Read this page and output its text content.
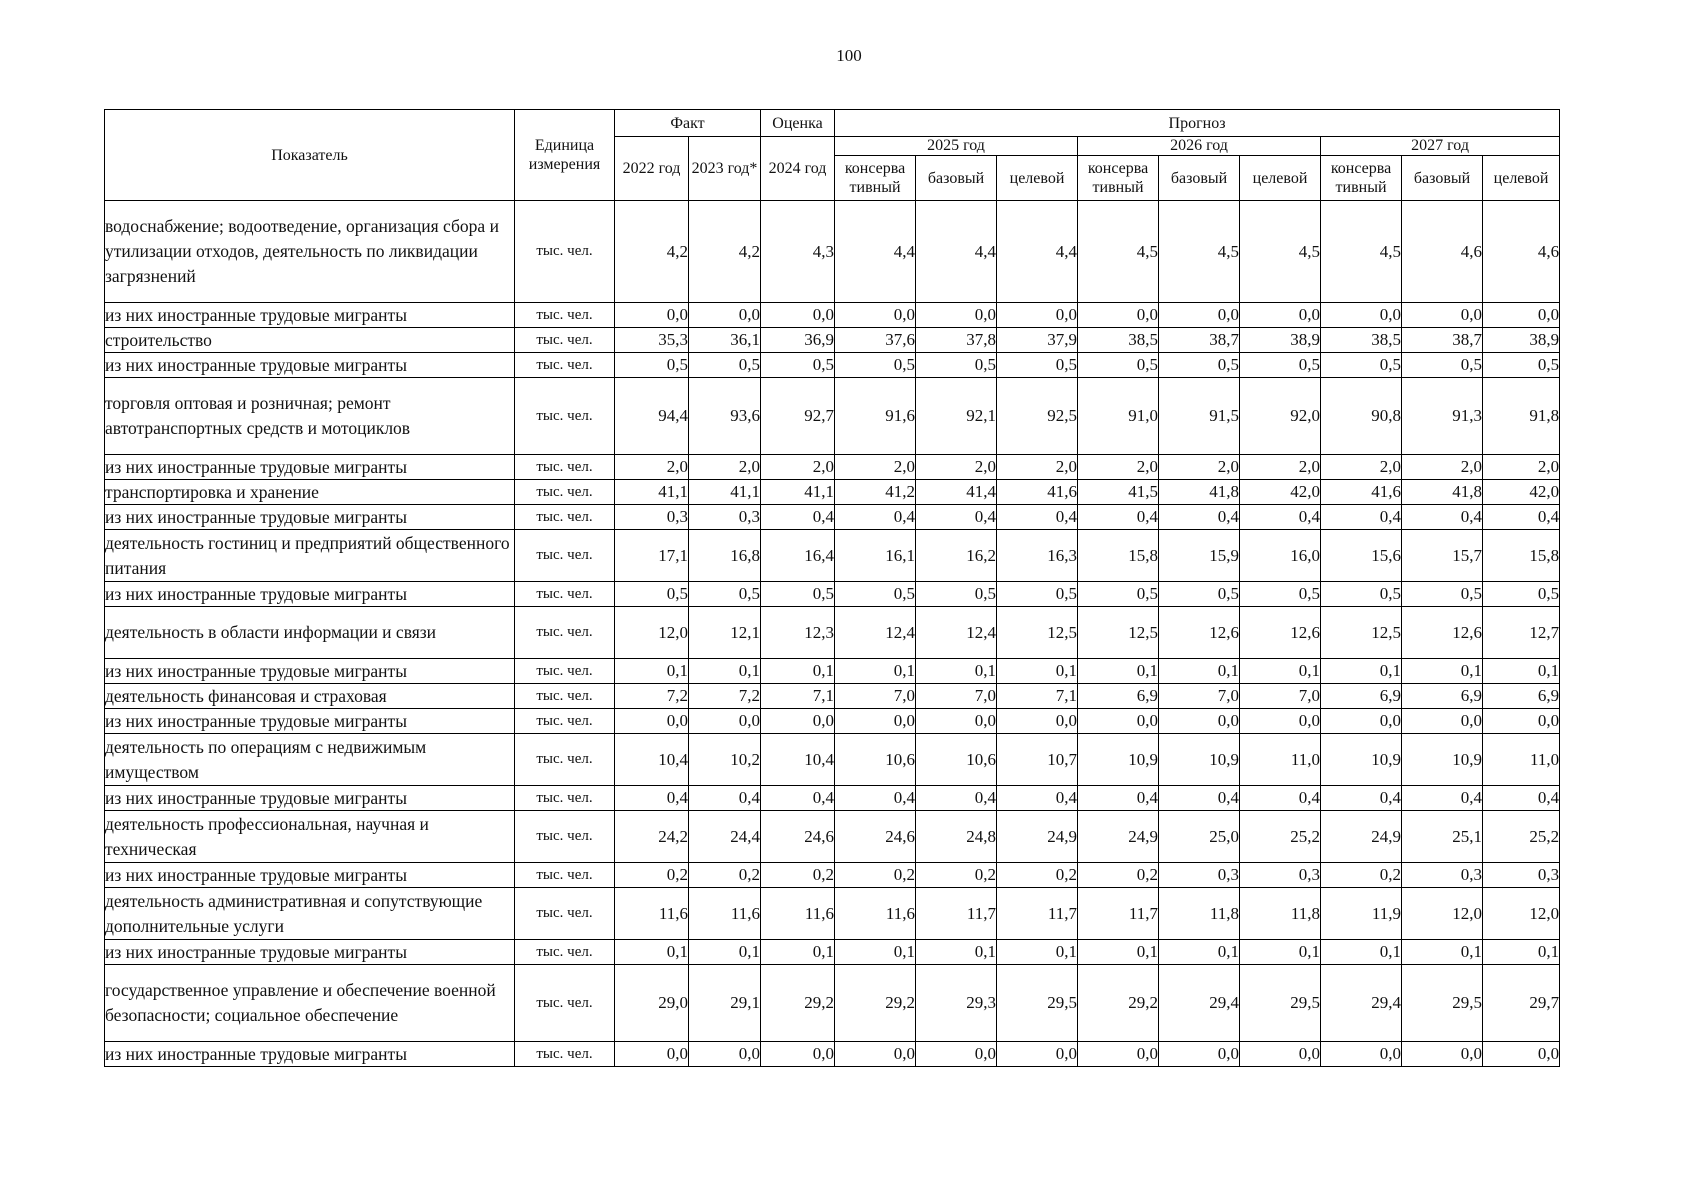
100
Показатель	Единица измерения	Факт		Оценка	Прогноз								
		2022 год	2023 год*	2024 год	2025 год			2026 год			2027 год		
					консерва тивный	базовый	целевой	консерва тивный	базовый	целевой	консерва тивный	базовый	целевой
водоснабжение; водоотведение, организация сбора и утилизации отходов, деятельность по ликвидации загрязнений	тыс. чел.	4,2	4,2	4,3	4,4	4,4	4,4	4,5	4,5	4,5	4,5	4,6	4,6
из них иностранные трудовые мигранты	тыс. чел.	0,0	0,0	0,0	0,0	0,0	0,0	0,0	0,0	0,0	0,0	0,0	0,0
строительство	тыс. чел.	35,3	36,1	36,9	37,6	37,8	37,9	38,5	38,7	38,9	38,5	38,7	38,9
из них иностранные трудовые мигранты	тыс. чел.	0,5	0,5	0,5	0,5	0,5	0,5	0,5	0,5	0,5	0,5	0,5	0,5
торговля оптовая и розничная; ремонт автотранспортных средств и мотоциклов	тыс. чел.	94,4	93,6	92,7	91,6	92,1	92,5	91,0	91,5	92,0	90,8	91,3	91,8
из них иностранные трудовые мигранты	тыс. чел.	2,0	2,0	2,0	2,0	2,0	2,0	2,0	2,0	2,0	2,0	2,0	2,0
транспортировка и хранение	тыс. чел.	41,1	41,1	41,1	41,2	41,4	41,6	41,5	41,8	42,0	41,6	41,8	42,0
из них иностранные трудовые мигранты	тыс. чел.	0,3	0,3	0,4	0,4	0,4	0,4	0,4	0,4	0,4	0,4	0,4	0,4
деятельность гостиниц и предприятий общественного питания	тыс. чел.	17,1	16,8	16,4	16,1	16,2	16,3	15,8	15,9	16,0	15,6	15,7	15,8
из них иностранные трудовые мигранты	тыс. чел.	0,5	0,5	0,5	0,5	0,5	0,5	0,5	0,5	0,5	0,5	0,5	0,5
деятельность в области информации и связи	тыс. чел.	12,0	12,1	12,3	12,4	12,4	12,5	12,5	12,6	12,6	12,5	12,6	12,7
из них иностранные трудовые мигранты	тыс. чел.	0,1	0,1	0,1	0,1	0,1	0,1	0,1	0,1	0,1	0,1	0,1	0,1
деятельность финансовая и страховая	тыс. чел.	7,2	7,2	7,1	7,0	7,0	7,1	6,9	7,0	7,0	6,9	6,9	6,9
из них иностранные трудовые мигранты	тыс. чел.	0,0	0,0	0,0	0,0	0,0	0,0	0,0	0,0	0,0	0,0	0,0	0,0
деятельность по операциям с недвижимым имуществом	тыс. чел.	10,4	10,2	10,4	10,6	10,6	10,7	10,9	10,9	11,0	10,9	10,9	11,0
из них иностранные трудовые мигранты	тыс. чел.	0,4	0,4	0,4	0,4	0,4	0,4	0,4	0,4	0,4	0,4	0,4	0,4
деятельность профессиональная, научная и техническая	тыс. чел.	24,2	24,4	24,6	24,6	24,8	24,9	24,9	25,0	25,2	24,9	25,1	25,2
из них иностранные трудовые мигранты	тыс. чел.	0,2	0,2	0,2	0,2	0,2	0,2	0,2	0,3	0,3	0,2	0,3	0,3
деятельность административная и сопутствующие дополнительные услуги	тыс. чел.	11,6	11,6	11,6	11,6	11,7	11,7	11,7	11,8	11,8	11,9	12,0	12,0
из них иностранные трудовые мигранты	тыс. чел.	0,1	0,1	0,1	0,1	0,1	0,1	0,1	0,1	0,1	0,1	0,1	0,1
государственное управление и обеспечение военной безопасности; социальное обеспечение	тыс. чел.	29,0	29,1	29,2	29,2	29,3	29,5	29,2	29,4	29,5	29,4	29,5	29,7
из них иностранные трудовые мигранты	тыс. чел.	0,0	0,0	0,0	0,0	0,0	0,0	0,0	0,0	0,0	0,0	0,0	0,0
